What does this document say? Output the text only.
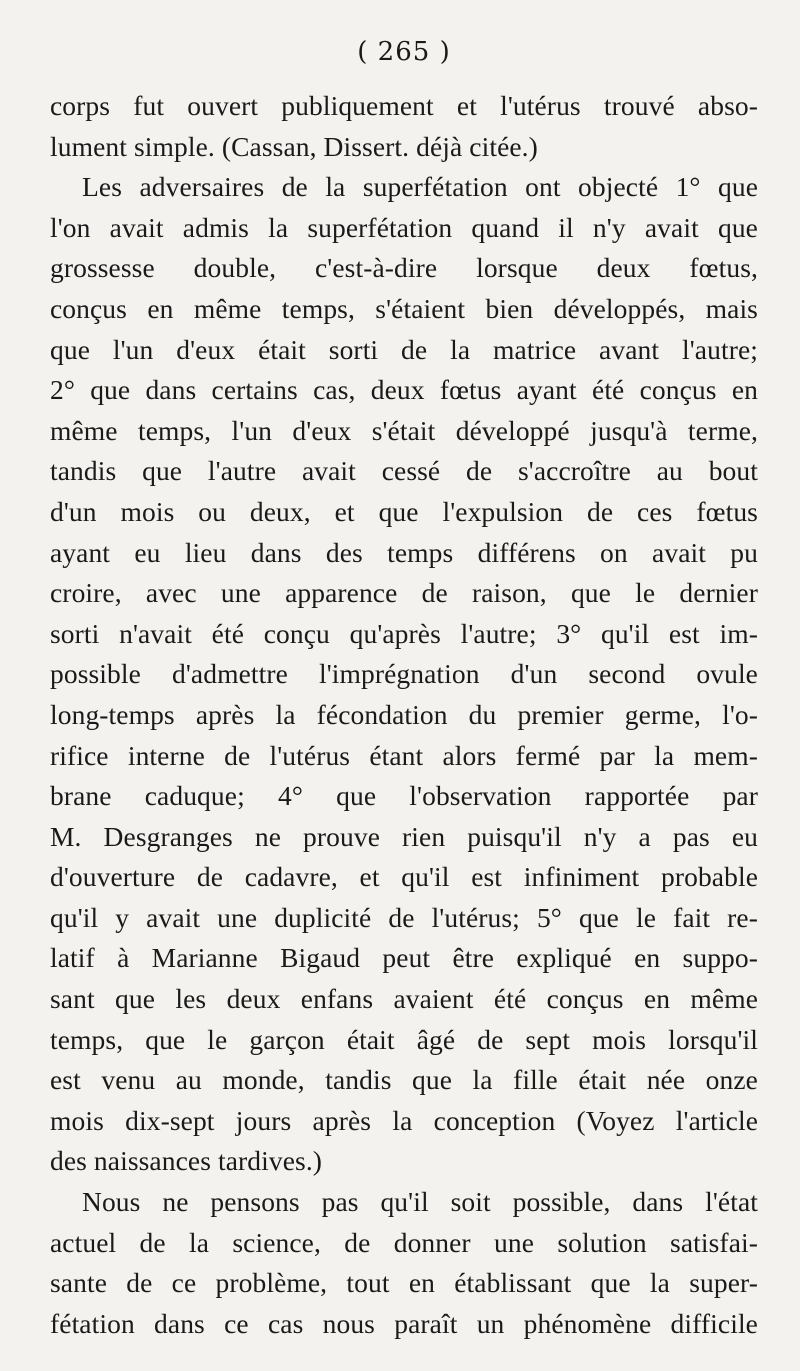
( 265 )
corps fut ouvert publiquement et l'utérus trouvé abso-
lument simple. (Cassan, Dissert. déjà citée.)
Les adversaires de la superfétation ont objecté 1° que
l'on avait admis la superfétation quand il n'y avait que
grossesse double, c'est-à-dire lorsque deux fœtus,
conçus en même temps, s'étaient bien développés, mais
que l'un d'eux était sorti de la matrice avant l'autre;
2° que dans certains cas, deux fœtus ayant été conçus en
même temps, l'un d'eux s'était développé jusqu'à terme,
tandis que l'autre avait cessé de s'accroître au bout
d'un mois ou deux, et que l'expulsion de ces fœtus
ayant eu lieu dans des temps différens on avait pu
croire, avec une apparence de raison, que le dernier
sorti n'avait été conçu qu'après l'autre; 3° qu'il est im-
possible d'admettre l'imprégnation d'un second ovule
long-temps après la fécondation du premier germe, l'o-
rifice interne de l'utérus étant alors fermé par la mem-
brane caduque; 4° que l'observation rapportée par
M. Desgranges ne prouve rien puisqu'il n'y a pas eu
d'ouverture de cadavre, et qu'il est infiniment probable
qu'il y avait une duplicité de l'utérus; 5° que le fait re-
latif à Marianne Bigaud peut être expliqué en suppo-
sant que les deux enfans avaient été conçus en même
temps, que le garçon était âgé de sept mois lorsqu'il
est venu au monde, tandis que la fille était née onze
mois dix-sept jours après la conception (Voyez l'article
des naissances tardives.)
Nous ne pensons pas qu'il soit possible, dans l'état
actuel de la science, de donner une solution satisfai-
sante de ce problème, tout en établissant que la super-
fétation dans ce cas nous paraît un phénomène difficile
